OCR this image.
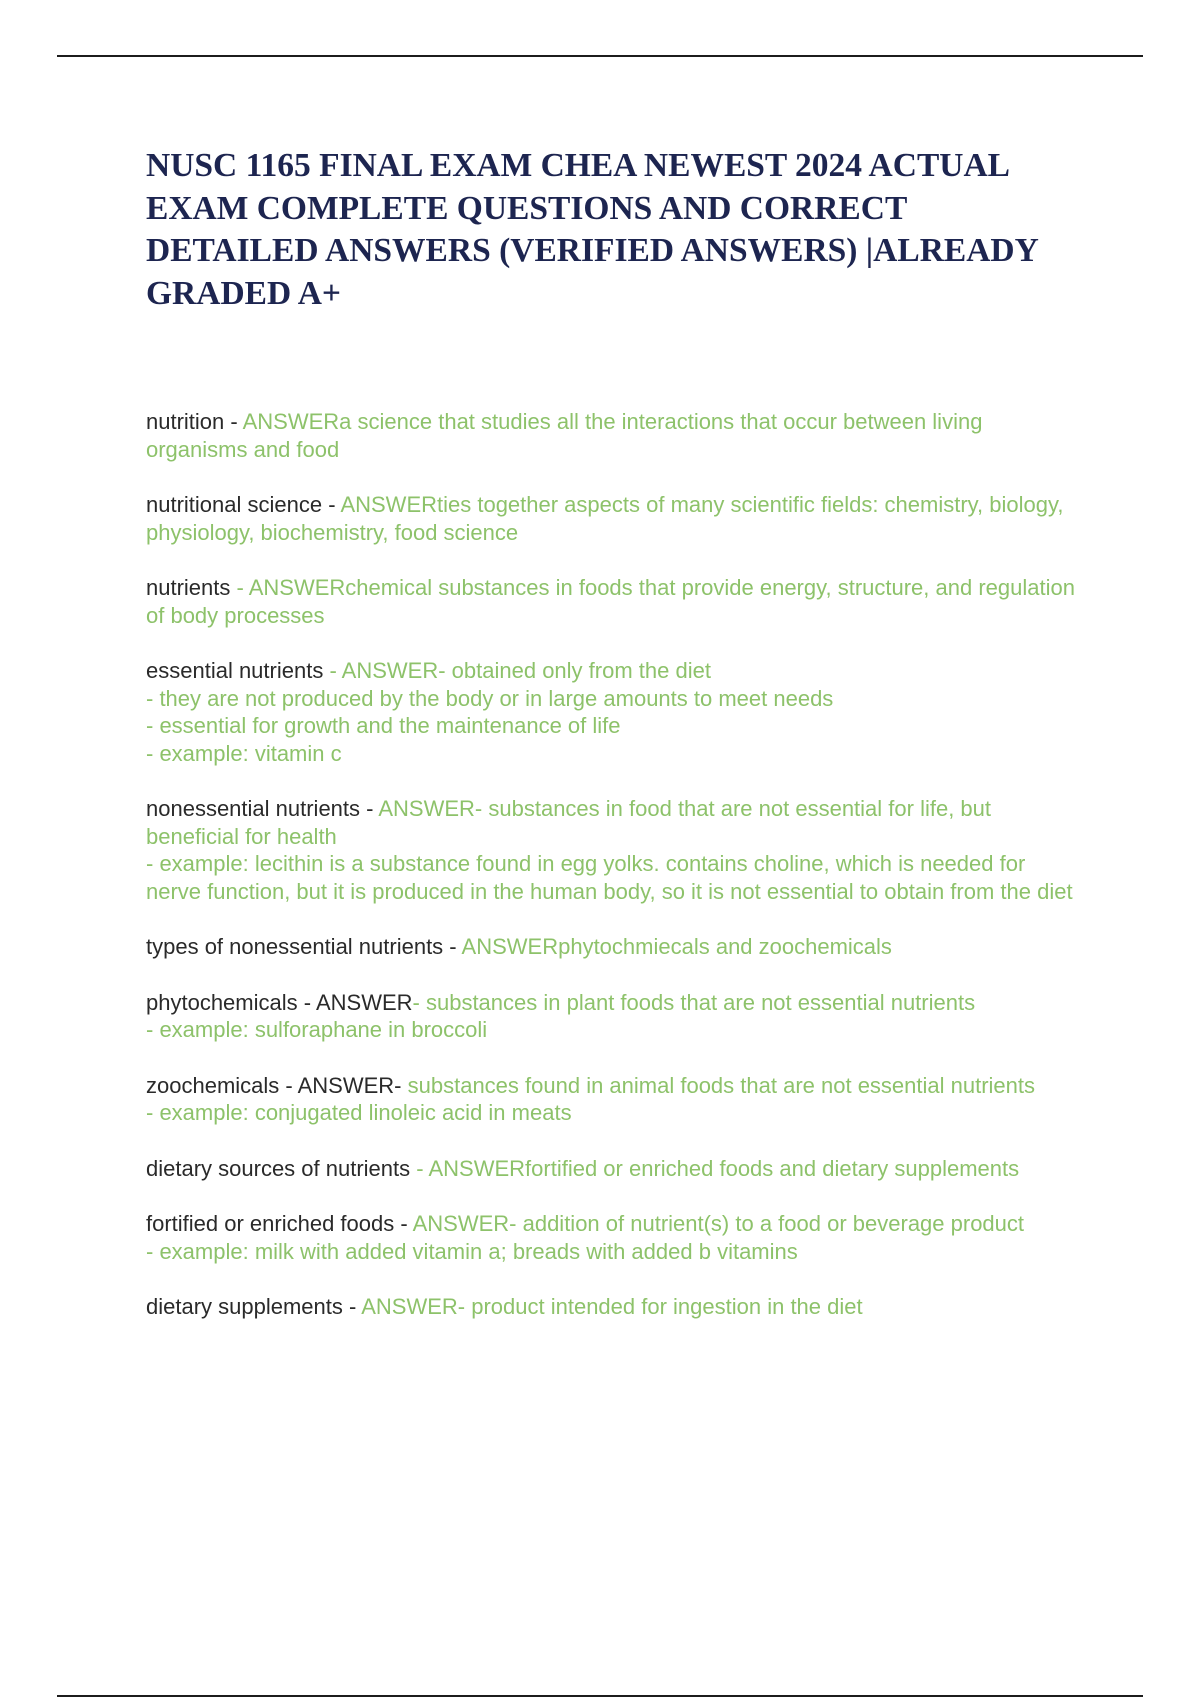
NUSC 1165 FINAL EXAM CHEA NEWEST 2024 ACTUAL EXAM COMPLETE QUESTIONS AND CORRECT DETAILED ANSWERS (VERIFIED ANSWERS) |ALREADY GRADED A+

nutrition - ANSWERa science that studies all the interactions that occur between living organisms and food

nutritional science - ANSWERties together aspects of many scientific fields: chemistry, biology, physiology, biochemistry, food science

nutrients - ANSWERchemical substances in foods that provide energy, structure, and regulation of body processes

essential nutrients - ANSWER- obtained only from the diet
- they are not produced by the body or in large amounts to meet needs
- essential for growth and the maintenance of life
- example: vitamin c

nonessential nutrients - ANSWER- substances in food that are not essential for life, but beneficial for health
- example: lecithin is a substance found in egg yolks. contains choline, which is needed for nerve function, but it is produced in the human body, so it is not essential to obtain from the diet

types of nonessential nutrients - ANSWERphytochmiecals and zoochemicals

phytochemicals - ANSWER- substances in plant foods that are not essential nutrients
- example: sulforaphane in broccoli

zoochemicals - ANSWER- substances found in animal foods that are not essential nutrients
- example: conjugated linoleic acid in meats

dietary sources of nutrients - ANSWERfortified or enriched foods and dietary supplements

fortified or enriched foods - ANSWER- addition of nutrient(s) to a food or beverage product
- example: milk with added vitamin a; breads with added b vitamins

dietary supplements - ANSWER- product intended for ingestion in the diet
